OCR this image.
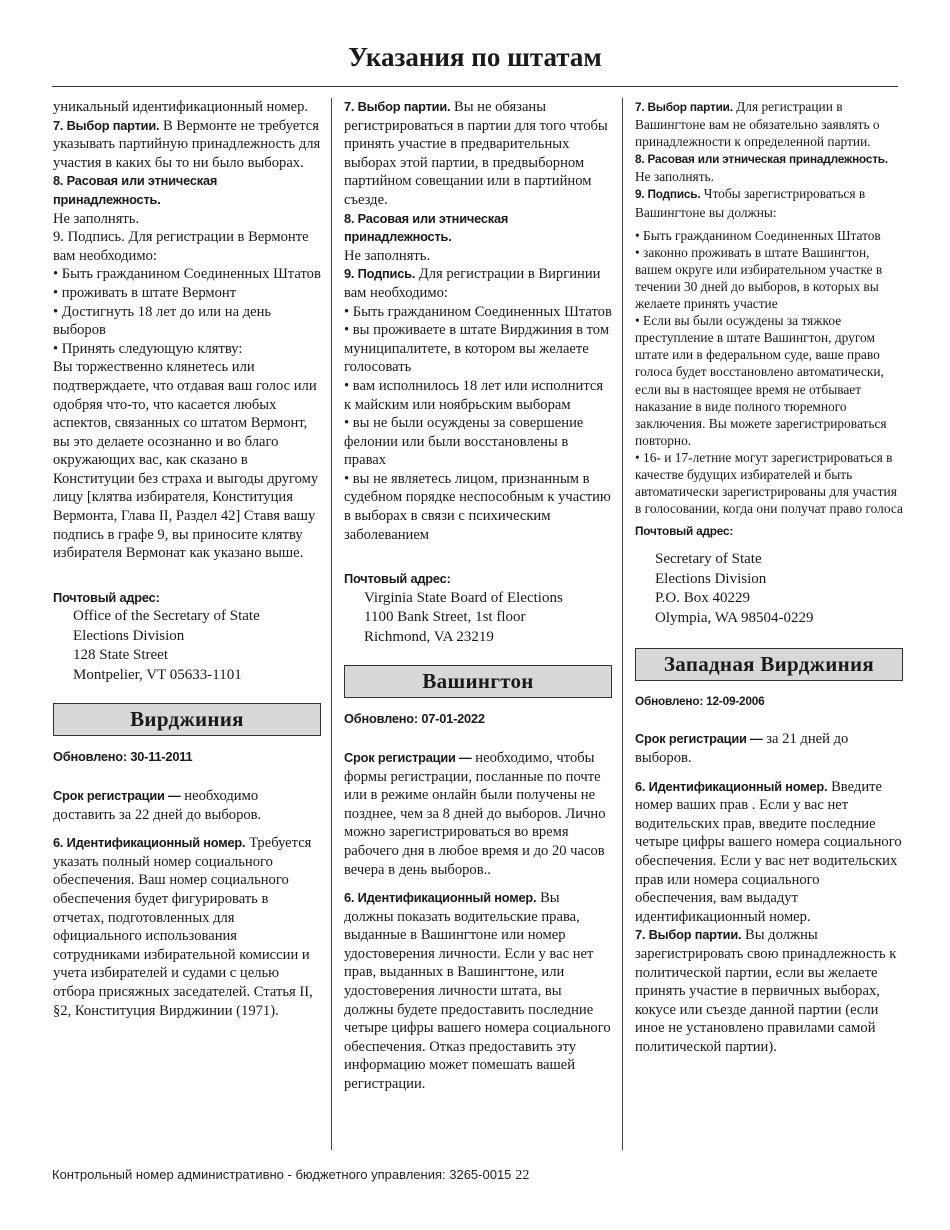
Указания по штатам

уникальный идентификационный номер.

7. Выбор партии. В Вермонте не требуется указывать партийную принадлежность для участия в каких бы то ни было выборах.

8. Расовая или этническая принадлежность.

Не заполнять.

9. Подпись. Для регистрации в Вермонте вам необходимо:

• Быть гражданином Соединенных Штатов

• проживать в штате Вермонт

• Достигнуть 18 лет до или на день выборов

• Принять следующую клятву:

Вы торжественно клянетесь или подтверждаете, что отдавая ваш голос или одобряя что-то, что касается любых аспектов, связанных со штатом Вермонт, вы это делаете осознанно и во благо окружающих вас, как сказано в Конституции без страха и выгоды другому лицу [клятва избирателя, Конституция Вермонта, Глава II, Раздел 42] Ставя вашу подпись в графе 9, вы приносите клятву избирателя Вермонат как указано выше.

Почтовый адрес:

Office of the Secretary of State

Elections Division

128 State Street

Montpelier, VT 05633-1101

Вирджиния

Обновлено: 30-11-2011

Срок регистрации — необходимо доставить за 22 дней до выборов.

6. Идентификационный номер. Требуется указать полный номер социального обеспечения. Ваш номер социального обеспечения будет фигурировать в отчетах, подготовленных для официального использования сотрудниками избирательной комиссии и учета избирателей и судами с целью отбора присяжных заседателей. Статья II, §2, Конституция Вирджинии (1971).

7. Выбор партии. Вы не обязаны регистрироваться в партии для того чтобы принять участие в предварительных выборах этой партии, в предвыборном партийном совещании или в партийном съезде.

8. Расовая или этническая принадлежность.

Не заполнять.

9. Подпись. Для регистрации в Виргинии вам необходимо:

• Быть гражданином Соединенных Штатов

• вы проживаете в штате Вирджиния в том муниципалитете, в котором вы желаете голосовать

• вам исполнилось 18 лет или исполнится к майским или ноябрьским выборам

• вы не были осуждены за совершение фелонии или были восстановлены в правах

• вы не являетесь лицом, признанным в судебном порядке неспособным к участию в выборах в связи с психическим заболеванием

Почтовый адрес:

Virginia State Board of Elections

1100 Bank Street, 1st floor

Richmond, VA 23219

Вашингтон

Обновлено: 07-01-2022

Срок регистрации — необходимо, чтобы формы регистрации, посланные по почте или в режиме онлайн были получены не позднее, чем за 8 дней до выборов. Лично можно зарегистрироваться во время рабочего дня в любое время и до 20 часов вечера в день выборов..

6. Идентификационный номер. Вы должны показать водительские права, выданные в Вашингтоне или номер удостоверения личности. Если у вас нет прав, выданных в Вашингтоне, или удостоверения личности штата, вы должны будете предоставить последние четыре цифры вашего номера социального обеспечения. Отказ предоставить эту информацию может помешать вашей регистрации.

7. Выбор партии. Для регистрации в Вашингтоне вам не обязательно заявлять о принадлежности к определенной партии.

8. Расовая или этническая принадлежность. Не заполнять.

9. Подпись. Чтобы зарегистрироваться в Вашингтоне вы должны:

• Быть гражданином Соединенных Штатов

• законно проживать в штате Вашингтон, вашем округе или избирательном участке в течении 30 дней до выборов, в которых вы желаете принять участие

• Если вы были осуждены за тяжкое преступление в штате Вашингтон, другом штате или в федеральном суде, ваше право голоса будет восстановлено автоматически, если вы в настоящее время не отбывает наказание в виде полного тюремного заключения. Вы можете зарегистрироваться повторно.

• 16- и 17-летние могут зарегистрироваться в качестве будущих избирателей и быть автоматически зарегистрированы для участия в голосовании, когда они получат право голоса

Почтовый адрес:

Secretary of State

Elections Division

P.O. Box 40229

Olympia, WA 98504-0229

Западная Вирджиния

Обновлено: 12-09-2006

Срок регистрации — за 21 дней до выборов.

6. Идентификационный номер. Введите номер ваших прав . Если у вас нет водительских прав, введите последние четыре цифры вашего номера социального обеспечения. Если у вас нет водительских прав или номера социального обеспечения, вам выдадут идентификационный номер.

7. Выбор партии. Вы должны зарегистрировать свою принадлежность к политической партии, если вы желаете принять участие в первичных выборах, кокусе или съезде данной партии (если иное не установлено правилами самой политической партии).

Контрольный номер административно - бюджетного управления: 3265-0015 22
